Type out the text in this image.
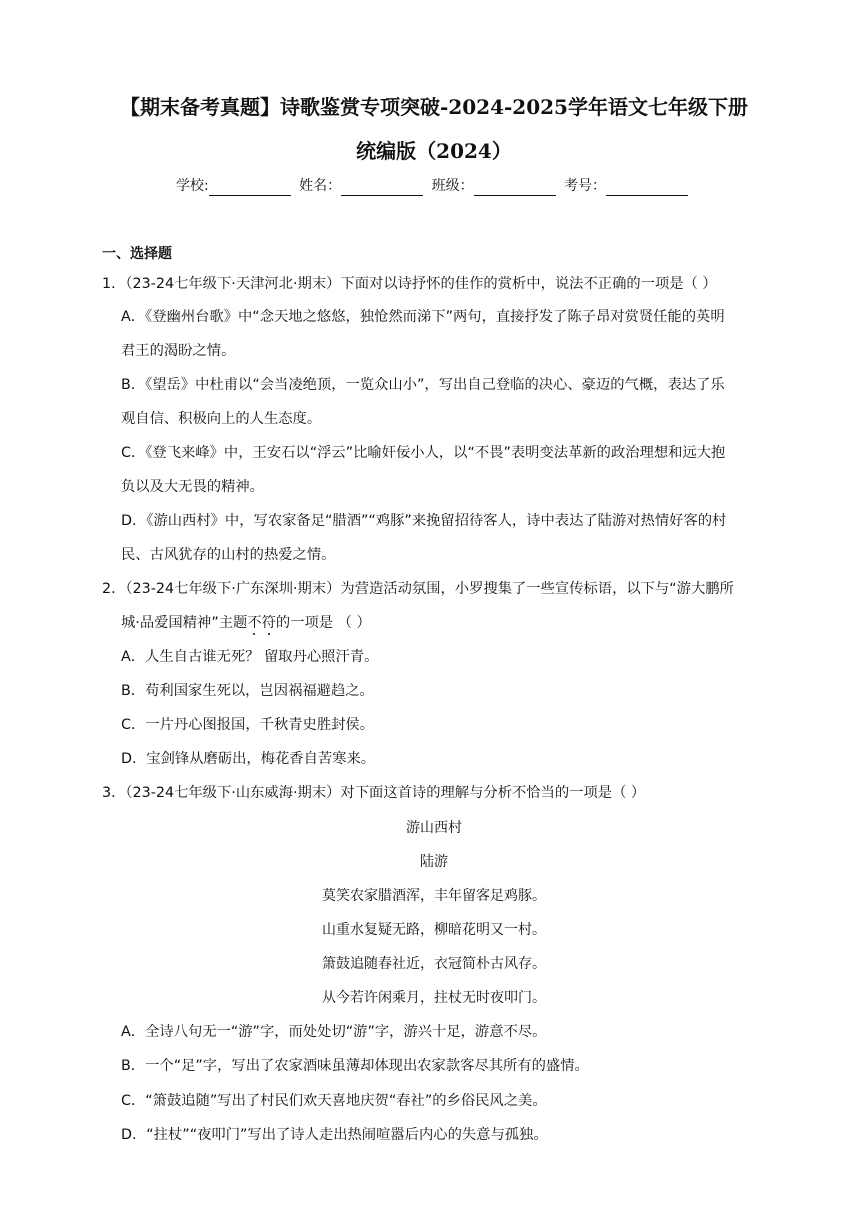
【期末备考真题】诗歌鉴赏专项突破-2024-2025学年语文七年级下册
统编版（2024）
学校:	姓名：	班级：	考号：
一、选择题
1．（23-24七年级下·天津河北·期末）下面对以诗抒怀的佳作的赏析中，说法不正确的一项是（ ）
A．《登幽州台歌》中“念天地之悠悠，独怆然而涕下”两句，直接抒发了陈子昂对赏贤任能的英明
君王的渴盼之情。
B．《望岳》中杜甫以“会当凌绝顶，一览众山小”，写出自己登临的决心、豪迈的气概，表达了乐
观自信、积极向上的人生态度。
C．《登飞来峰》中，王安石以“浮云”比喻奸佞小人，以“不畏”表明变法革新的政治理想和远大抱
负以及大无畏的精神。
D．《游山西村》中，写农家备足“腊酒”“鸡豚”来挽留招待客人，诗中表达了陆游对热情好客的村
民、古风犹存的山村的热爱之情。
2．（23-24七年级下·广东深圳·期末）为营造活动氛围，小罗搜集了一些宣传标语，以下与“游大鹏所
城·品爱国精神”主题不符的一项是 （ ）
A．人生自古谁无死？ 留取丹心照汗青。
B．苟利国家生死以，岂因祸福避趋之。
C．一片丹心图报国，千秋青史胜封侯。
D．宝剑锋从磨砺出，梅花香自苦寒来。
3．（23-24七年级下·山东威海·期末）对下面这首诗的理解与分析不恰当的一项是（ ）
游山西村
陆游
莫笑农家腊酒浑，丰年留客足鸡豚。
山重水复疑无路，柳暗花明又一村。
箫鼓追随春社近，衣冠简朴古风存。
从今若许闲乘月，拄杖无时夜叩门。
A．全诗八句无一“游”字，而处处切“游”字，游兴十足，游意不尽。
B．一个“足”字，写出了农家酒味虽薄却体现出农家款客尽其所有的盛情。
C．“箫鼓追随”写出了村民们欢天喜地庆贺“春社”的乡俗民风之美。
D．“拄杖”“夜叩门”写出了诗人走出热闹喧嚣后内心的失意与孤独。
